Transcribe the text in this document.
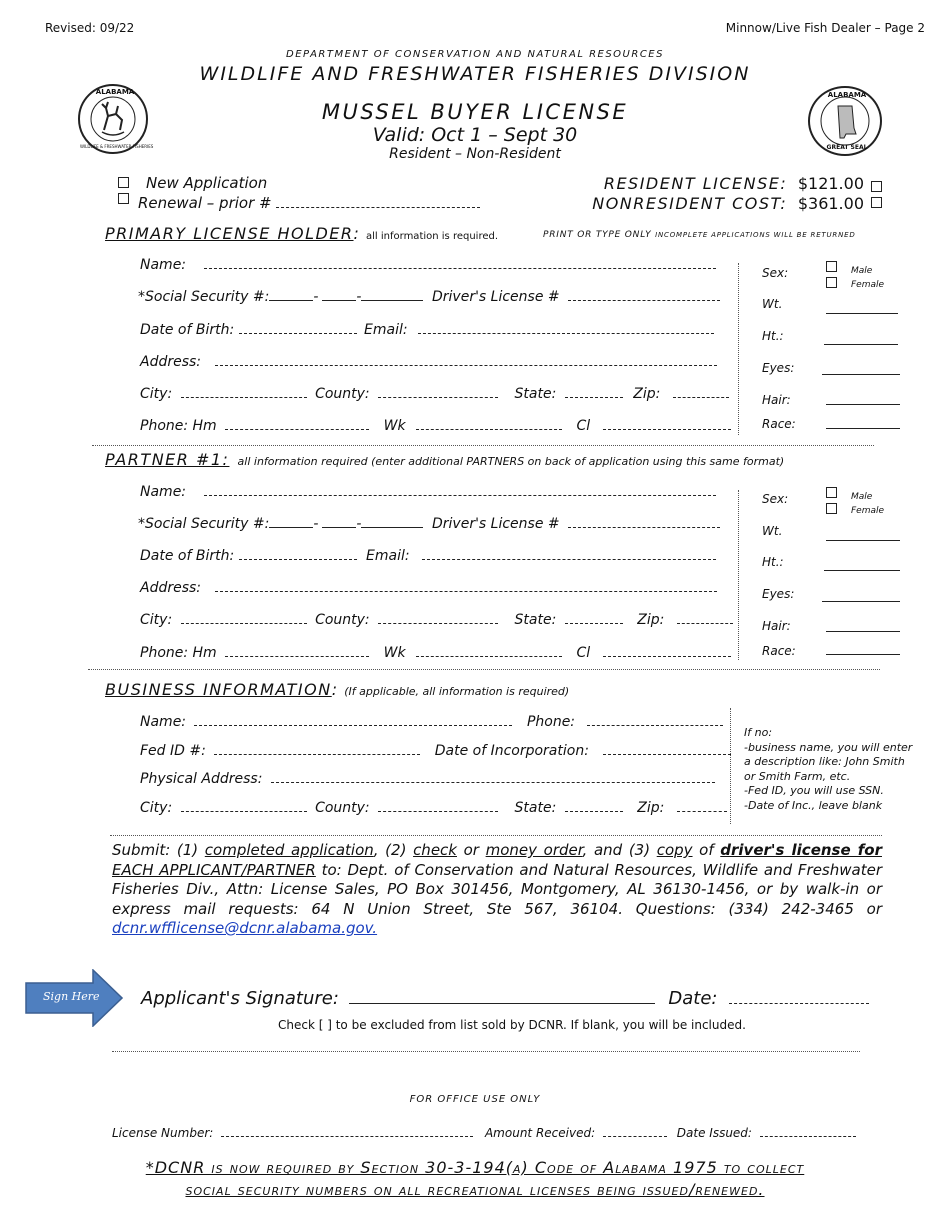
Revised: 09/22	Minnow/Live Fish Dealer – Page 2
DEPARTMENT OF CONSERVATION AND NATURAL RESOURCES
WILDLIFE AND FRESHWATER FISHERIES DIVISION
MUSSEL BUYER LICENSE
Valid: Oct 1 – Sept 30
Resident – Non-Resident
ALABAMA
WILDLIFE & FRESHWATER FISHERIES
ALABAMA
GREAT SEAL
New Application
Renewal – prior #
RESIDENT LICENSE: $121.00
NONRESIDENT COST: $361.00
PRIMARY LICENSE HOLDER: all information is required.	PRINT OR TYPE ONLY INCOMPLETE APPLICATIONS WILL BE RETURNED
Name:
*Social Security #:	-	-	Driver's License #
Date of Birth:	Email:
Address:
City:	County:	State:	Zip:
Phone: Hm	Wk	Cl
Sex:	Male
Female
Wt.
Ht.:
Eyes:
Hair:
Race:
PARTNER #1: all information required (enter additional PARTNERS on back of application using this same format)
Name:
*Social Security #:	-	-	Driver's License #
Date of Birth:	Email:
Address:
City:	County:	State:	Zip:
Phone: Hm	Wk	Cl
Sex:	Male
Female
Wt.
Ht.:
Eyes:
Hair:
Race:
BUSINESS INFORMATION: (If applicable, all information is required)
Name:	Phone:
Fed ID #:	Date of Incorporation:
Physical Address:
City:	County:	State:	Zip:
If no:
-business name, you will enter
a description like: John Smith
or Smith Farm, etc.
-Fed ID, you will use SSN.
-Date of Inc., leave blank
Submit: (1) completed application, (2) check or money order, and (3) copy of driver's license for EACH APPLICANT/PARTNER to: Dept. of Conservation and Natural Resources, Wildlife and Freshwater Fisheries Div., Attn: License Sales, PO Box 301456, Montgomery, AL 36130-1456, or by walk-in or express mail requests: 64 N Union Street, Ste 567, 36104. Questions: (334) 242-3465 or dcnr.wfflicense@dcnr.alabama.gov.
Sign Here Applicant's Signature:	Date:
Check [ ] to be excluded from list sold by DCNR. If blank, you will be included.
FOR OFFICE USE ONLY
License Number:	Amount Received:	Date Issued:
*DCNR is now required by Section 30-3-194(a) Code of Alabama 1975 to collect
social security numbers on all recreational licenses being issued/renewed.
